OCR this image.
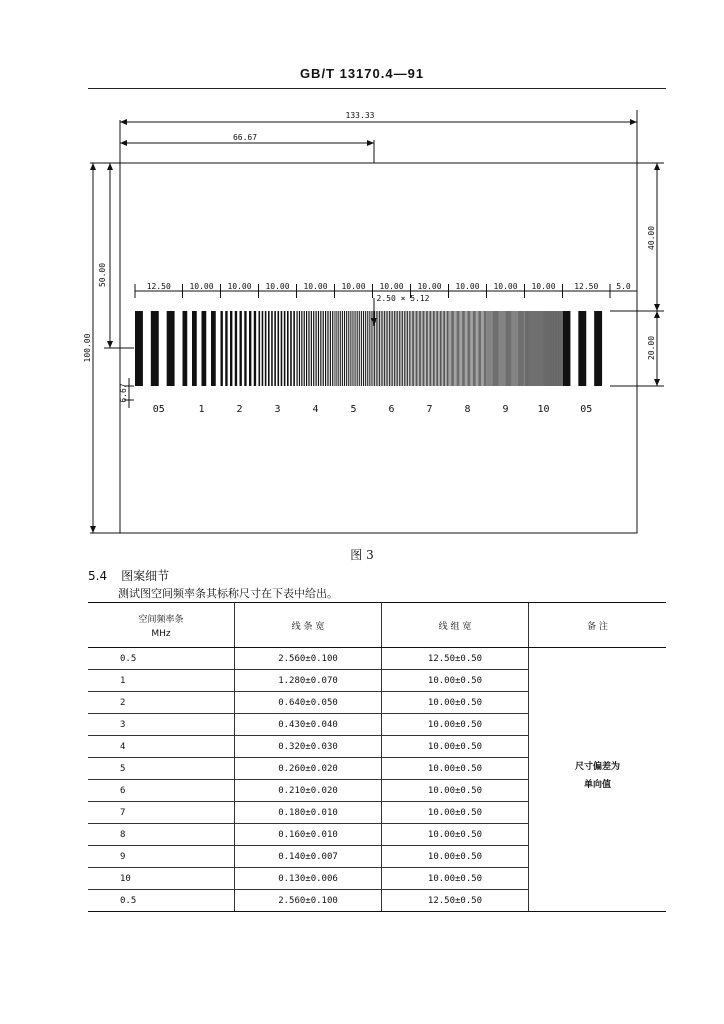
GB/T 13170.4—91
133.33
66.67
100.00
50.00
6.67
40.00
20.00
2.50 × 5.12
12.50
05
10.00
1
10.00
2
10.00
3
10.00
4
10.00
5
10.00
6
10.00
7
10.00
8
10.00
9
10.00
10
12.50
05
5.0
图 3
5.4 图案细节
测试图空间频率条其标称尺寸在下表中给出。
空间频率条
MHz	线 条 宽	线 组 宽	备 注
0.5	2.560±0.100	12.50±0.50	尺寸偏差为
单向值

1	1.280±0.070	10.00±0.50	
2	0.640±0.050	10.00±0.50	
3	0.430±0.040	10.00±0.50	
4	0.320±0.030	10.00±0.50	
5	0.260±0.020	10.00±0.50	
6	0.210±0.020	10.00±0.50	
7	0.180±0.010	10.00±0.50	
8	0.160±0.010	10.00±0.50	
9	0.140±0.007	10.00±0.50	
10	0.130±0.006	10.00±0.50	
0.5	2.560±0.100	12.50±0.50	
